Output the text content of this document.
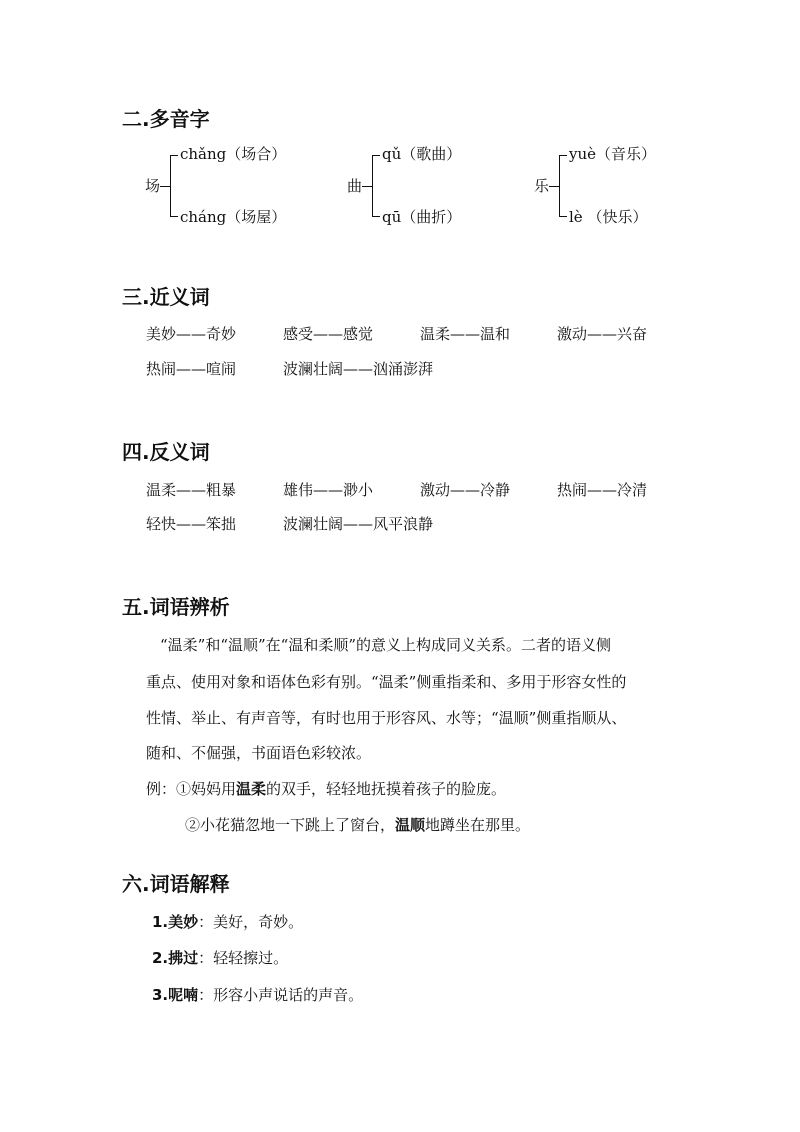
二.多音字
场
chǎng（场合）
cháng（场屋）
曲
qǔ（歌曲）
qū（曲折）
乐
yuè（音乐）
lè （快乐）
三.近义词
美妙——奇妙	感受——感觉	温柔——温和	激动——兴奋
热闹——喧闹	波澜壮阔——汹涌澎湃
四.反义词
温柔——粗暴	雄伟——渺小	激动——冷静	热闹——冷清
轻快——笨拙	波澜壮阔——风平浪静
五.词语辨析
“温柔”和“温顺”在“温和柔顺”的意义上构成同义关系。二者的语义侧
重点、使用对象和语体色彩有别。“温柔”侧重指柔和、多用于形容女性的
性情、举止、有声音等，有时也用于形容风、水等；“温顺”侧重指顺从、
随和、不倔强，书面语色彩较浓。
例：①妈妈用温柔的双手，轻轻地抚摸着孩子的脸庞。
②小花猫忽地一下跳上了窗台，温顺地蹲坐在那里。
六.词语解释
1.美妙：美好，奇妙。
2.拂过：轻轻擦过。
3.呢喃：形容小声说话的声音。
